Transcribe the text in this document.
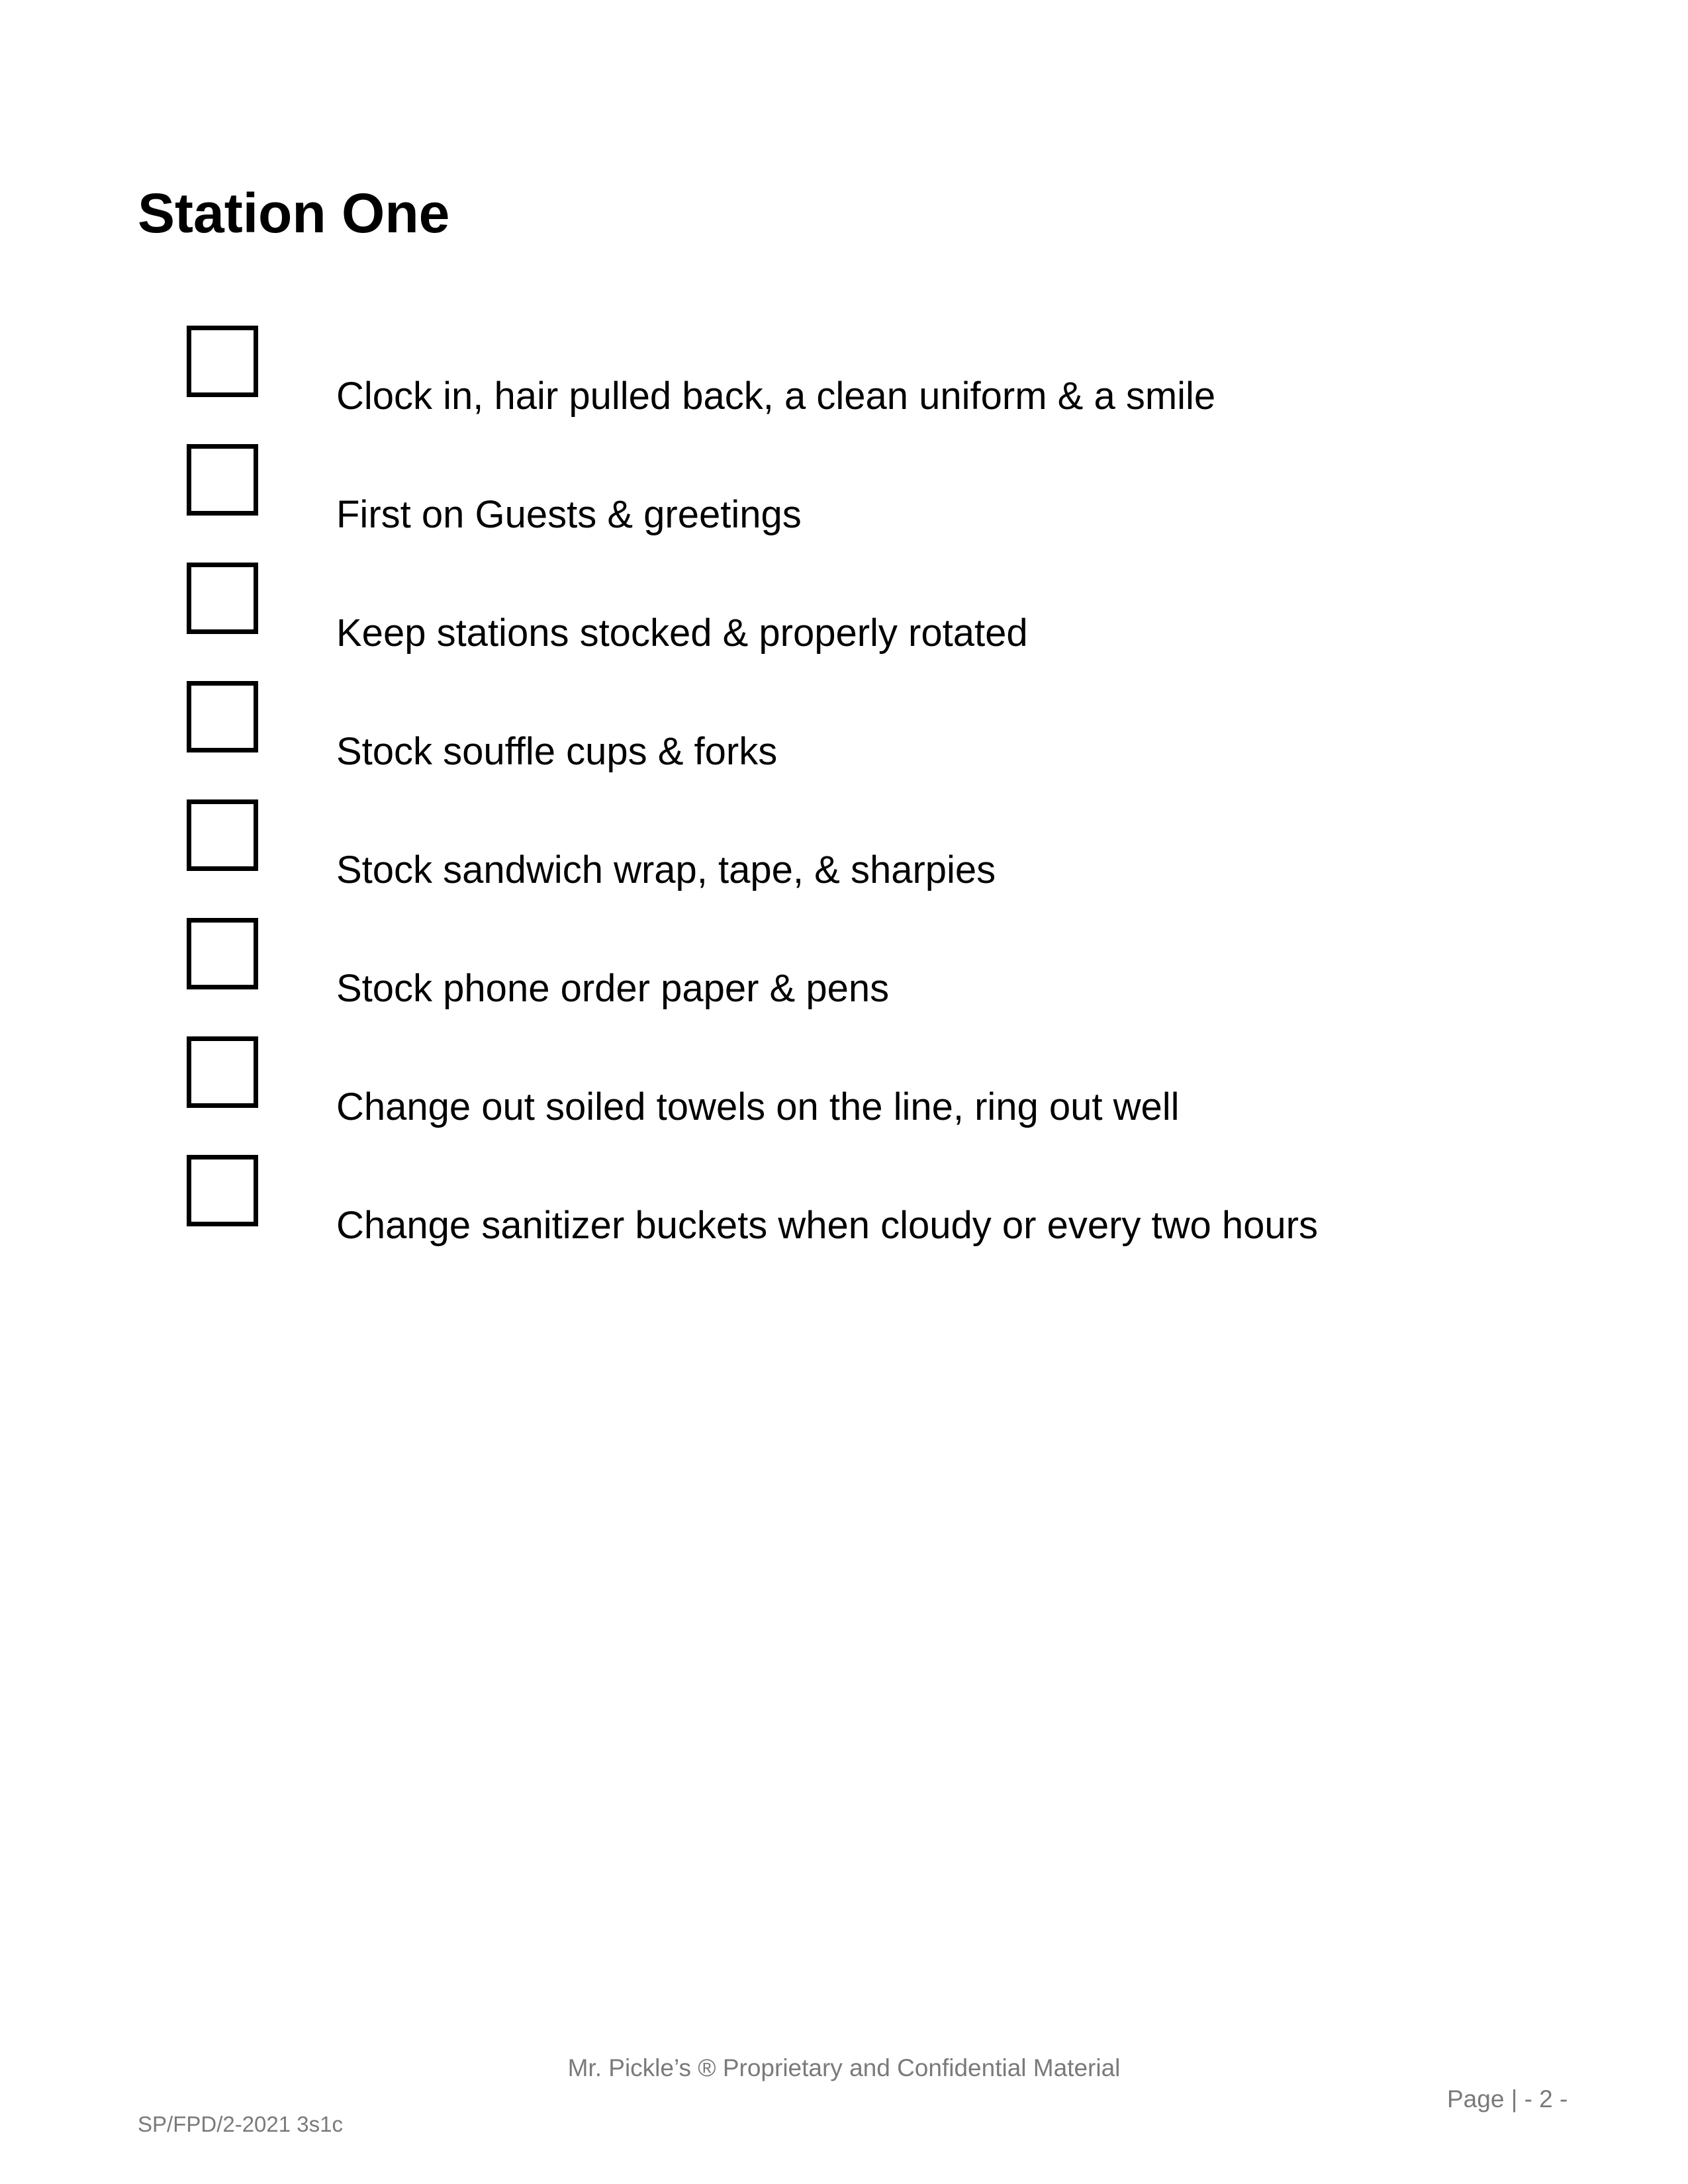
Station One
Clock in, hair pulled back, a clean uniform & a smile
First on Guests & greetings
Keep stations stocked & properly rotated
Stock souffle cups & forks
Stock sandwich wrap, tape, & sharpies
Stock phone order paper & pens
Change out soiled towels on the line, ring out well
Change sanitizer buckets when cloudy or every two hours
Mr. Pickle’s ® Proprietary and Confidential Material
Page | - 2 -
SP/FPD/2-2021 3s1c
